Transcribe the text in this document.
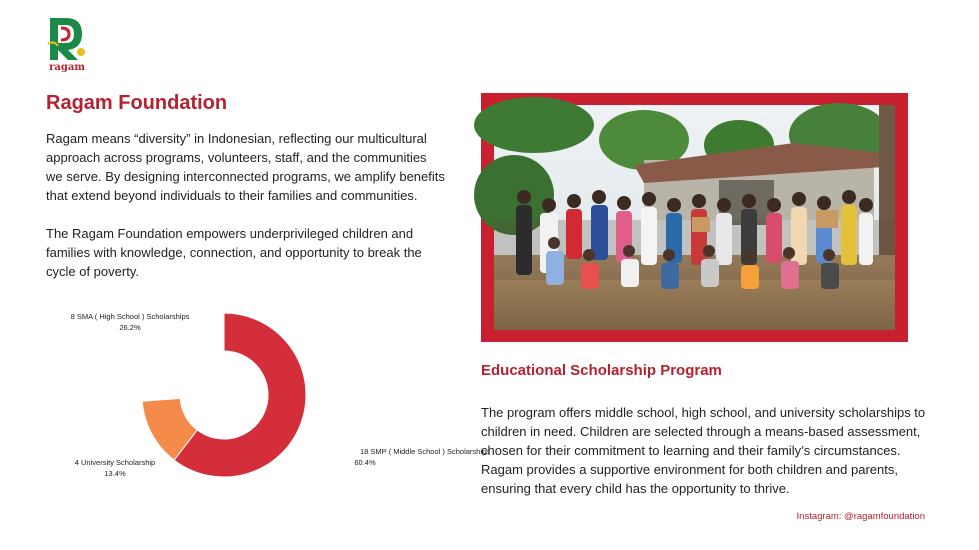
ragam
Ragam Foundation

Ragam means “diversity” in Indonesian, reflecting our multicultural approach across programs, volunteers, staff, and the communities we serve. By designing interconnected programs, we amplify benefits that extend beyond individuals to their families and communities.

The Ragam Foundation empowers underprivileged children and families with knowledge, connection, and opportunity to break the cycle of poverty.

8 SMA ( High School ) Scholarships
26.2%
18 SMP ( Middle School ) Scholarships
60.4%
4 University Scholarship
13.4%
Educational Scholarship Program

The program offers middle school, high school, and university scholarships to children in need. Children are selected through a means-based assessment, chosen for their commitment to learning and their family’s circumstances. Ragam provides a supportive environment for both children and parents, ensuring that every child has the opportunity to thrive.

Instagram: @ragamfoundation
